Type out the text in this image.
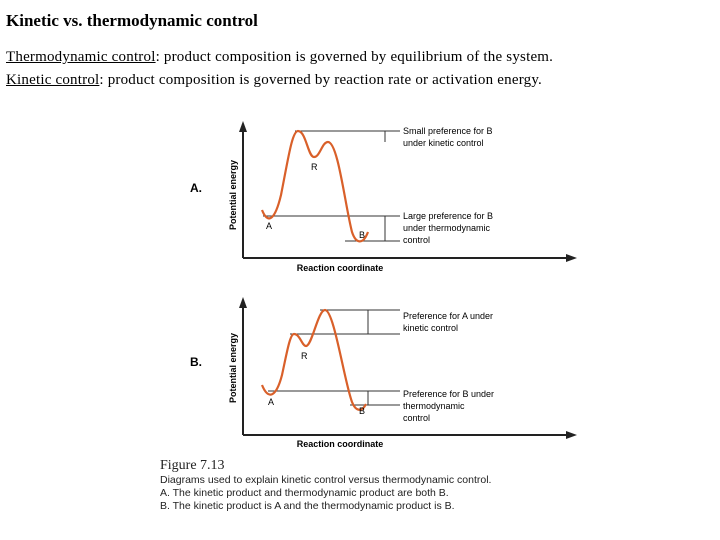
Kinetic vs. thermodynamic control
Thermodynamic control: product composition is governed by equilibrium of the system.
Kinetic control: product composition is governed by reaction rate or activation energy.
A.	Potential energy
Reaction coordinate
R
A
B
Small preference for B under kinetic control
Large preference for B under thermodynamic control
B.	Potential energy
Reaction coordinate
R
A
B
Preference for A under kinetic control
Preference for B under thermodynamic control
Figure 7.13
Diagrams used to explain kinetic control versus thermodynamic control.
A. The kinetic product and thermodynamic product are both B.
B. The kinetic product is A and the thermodynamic product is B.
